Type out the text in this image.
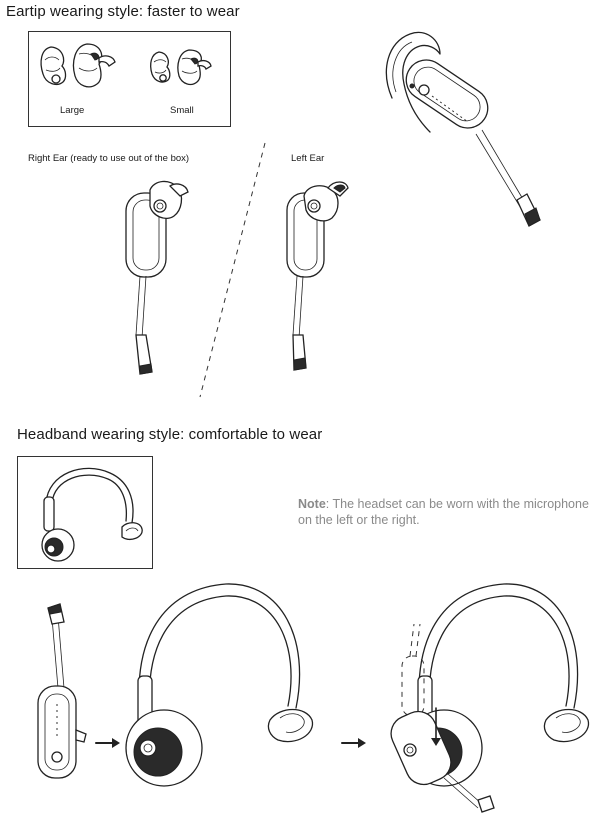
Eartip wearing style: faster to wear
Large	Small
Right Ear (ready to use out of the box)	Left Ear
Headband wearing style: comfortable to wear
Note: The headset can be worn with the microphone on the left or the right.
